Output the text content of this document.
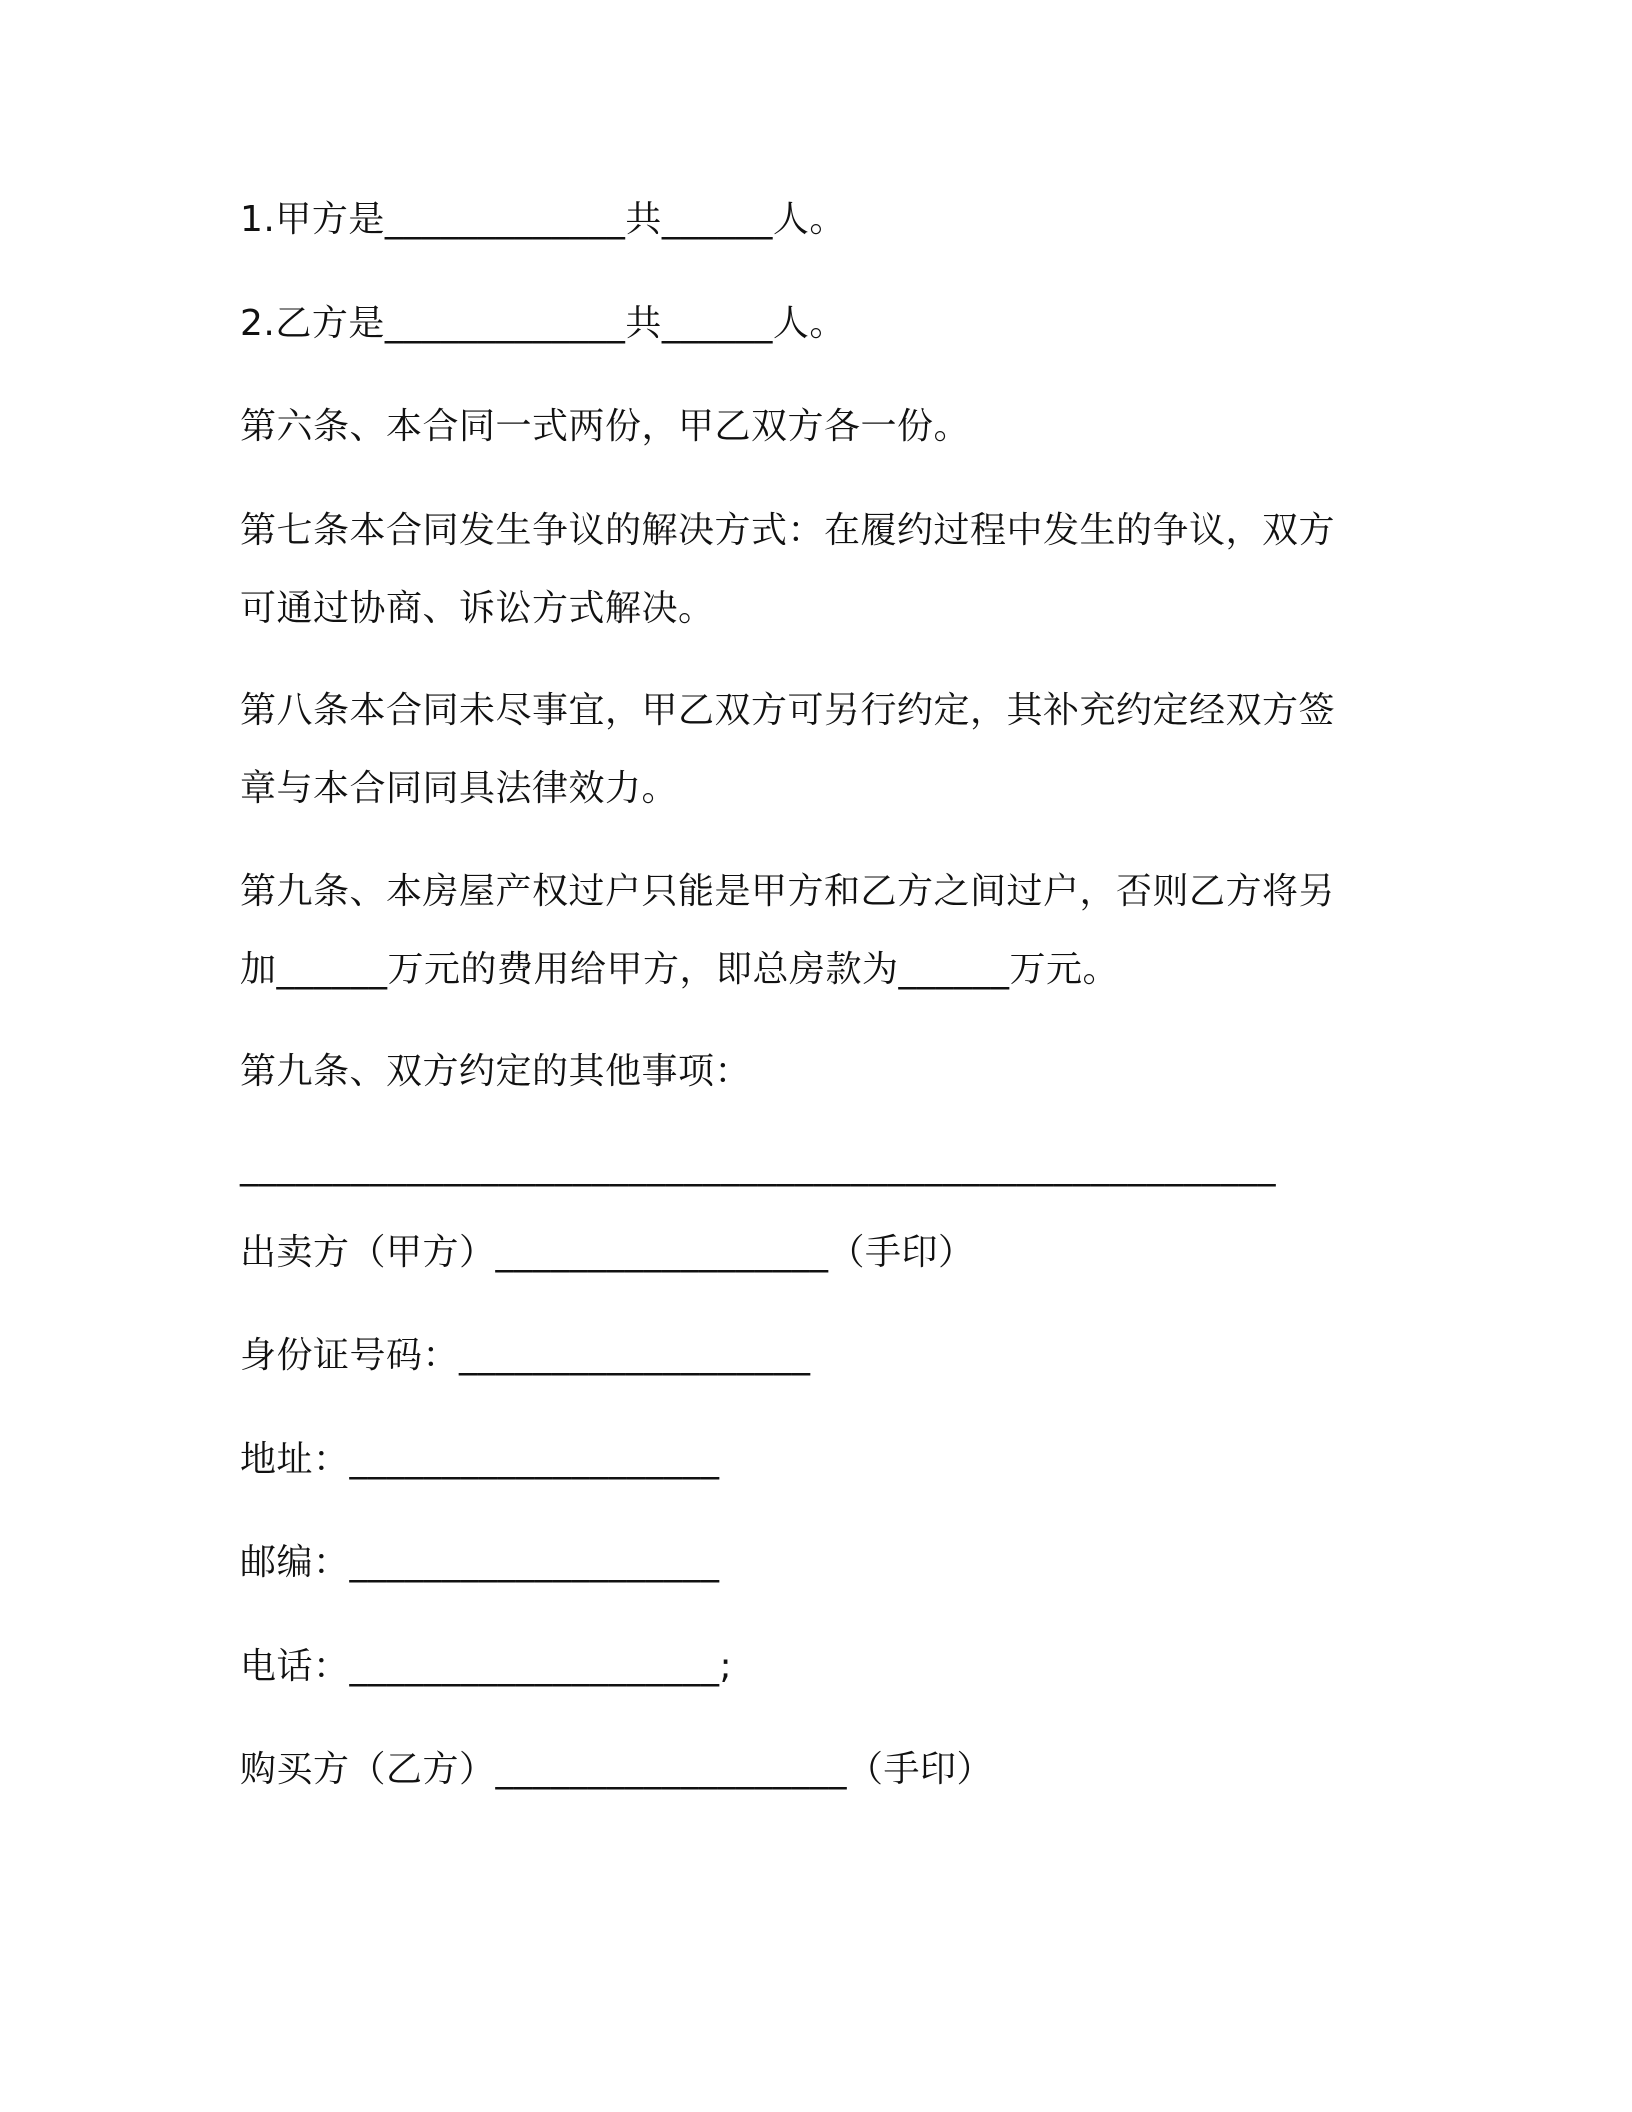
1.甲方是_____________共______人。
2.乙方是_____________共______人。
第六条、本合同一式两份，甲乙双方各一份。
第七条本合同发生争议的解决方式：在履约过程中发生的争议，双方
可通过协商、诉讼方式解决。
第八条本合同未尽事宜，甲乙双方可另行约定，其补充约定经双方签
章与本合同同具法律效力。
第九条、本房屋产权过户只能是甲方和乙方之间过户，否则乙方将另
加______万元的费用给甲方，即总房款为______万元。
第九条、双方约定的其他事项：
________________________________________________________
出卖方（甲方）__________________（手印）
身份证号码：___________________
地址：____________________
邮编：____________________
电话：____________________;
购买方（乙方）___________________（手印）
